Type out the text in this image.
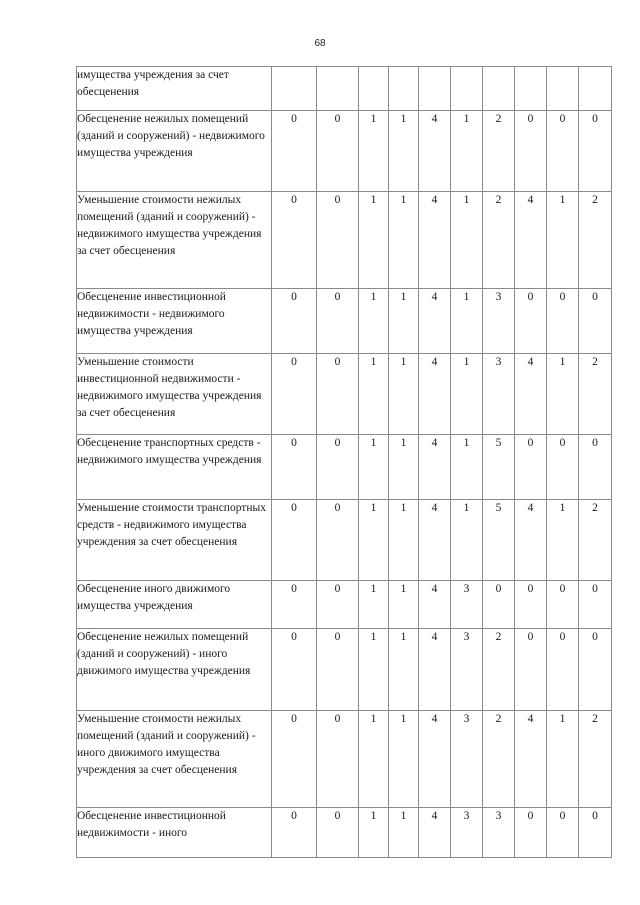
68
имущества учреждения за счет обесценения										
Обесценение нежилых помещений (зданий и сооружений) - недвижимого имущества учреждения	0	0	1	1	4	1	2	0	0	0
Уменьшение стоимости нежилых помещений (зданий и сооружений) - недвижимого имущества учреждения за счет обесценения	0	0	1	1	4	1	2	4	1	2
Обесценение инвестиционной недвижимости - недвижимого имущества учреждения	0	0	1	1	4	1	3	0	0	0
Уменьшение стоимости инвестиционной недвижимости - недвижимого имущества учреждения за счет обесценения	0	0	1	1	4	1	3	4	1	2
Обесценение транспортных средств - недвижимого имущества учреждения	0	0	1	1	4	1	5	0	0	0
Уменьшение стоимости транспортных средств - недвижимого имущества учреждения за счет обесценения	0	0	1	1	4	1	5	4	1	2
Обесценение иного движимого имущества учреждения	0	0	1	1	4	3	0	0	0	0
Обесценение нежилых помещений (зданий и сооружений) - иного движимого имущества учреждения	0	0	1	1	4	3	2	0	0	0
Уменьшение стоимости нежилых помещений (зданий и сооружений) - иного движимого имущества учреждения за счет обесценения	0	0	1	1	4	3	2	4	1	2
Обесценение инвестиционной недвижимости - иного	0	0	1	1	4	3	3	0	0	0
